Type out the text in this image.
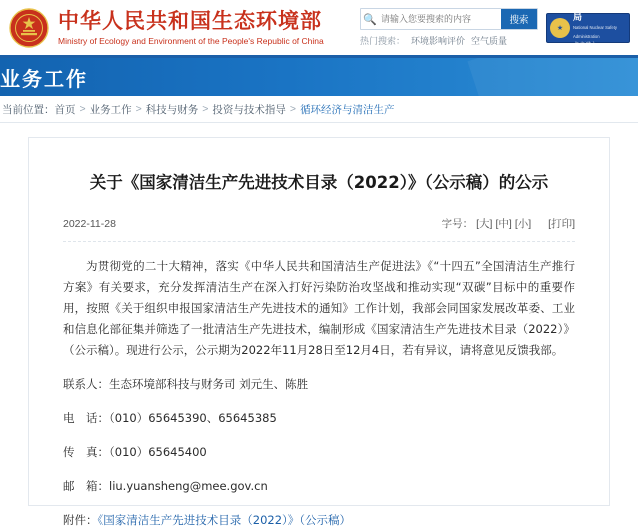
中华人民共和国生态环境部
Ministry of Ecology and Environment of the People's Republic of China
🔍
请输入您要搜索的内容	搜索
热门搜索： 环境影响评价 空气质量
★
国家核安全局
National Nuclear Safety Administration
点击进入
业务工作
当前位置： 首页 > 业务工作 > 科技与财务 > 投资与技术指导 > 循环经济与清洁生产
关于《国家清洁生产先进技术目录（2022）》（公示稿）的公示
2022-11-28	字号： [大] [中] [小] [打印]

为贯彻党的二十大精神，落实《中华人民共和国清洁生产促进法》《“十四五”全国清洁生产推行方案》有关要求，充分发挥清洁生产在深入打好污染防治攻坚战和推动实现“双碳”目标中的重要作用，按照《关于组织申报国家清洁生产先进技术的通知》工作计划，我部会同国家发展改革委、工业和信息化部征集并筛选了一批清洁生产先进技术，编制形成《国家清洁生产先进技术目录（2022）》（公示稿）。现进行公示，公示期为2022年11月28日至12月4日，若有异议，请将意见反馈我部。

联系人：生态环境部科技与财务司 刘元生、陈胜

电　话：（010）65645390、65645385

传　真：（010）65645400

邮　箱：liu.yuansheng@mee.gov.cn

附件：《国家清洁生产先进技术目录（2022）》（公示稿）
